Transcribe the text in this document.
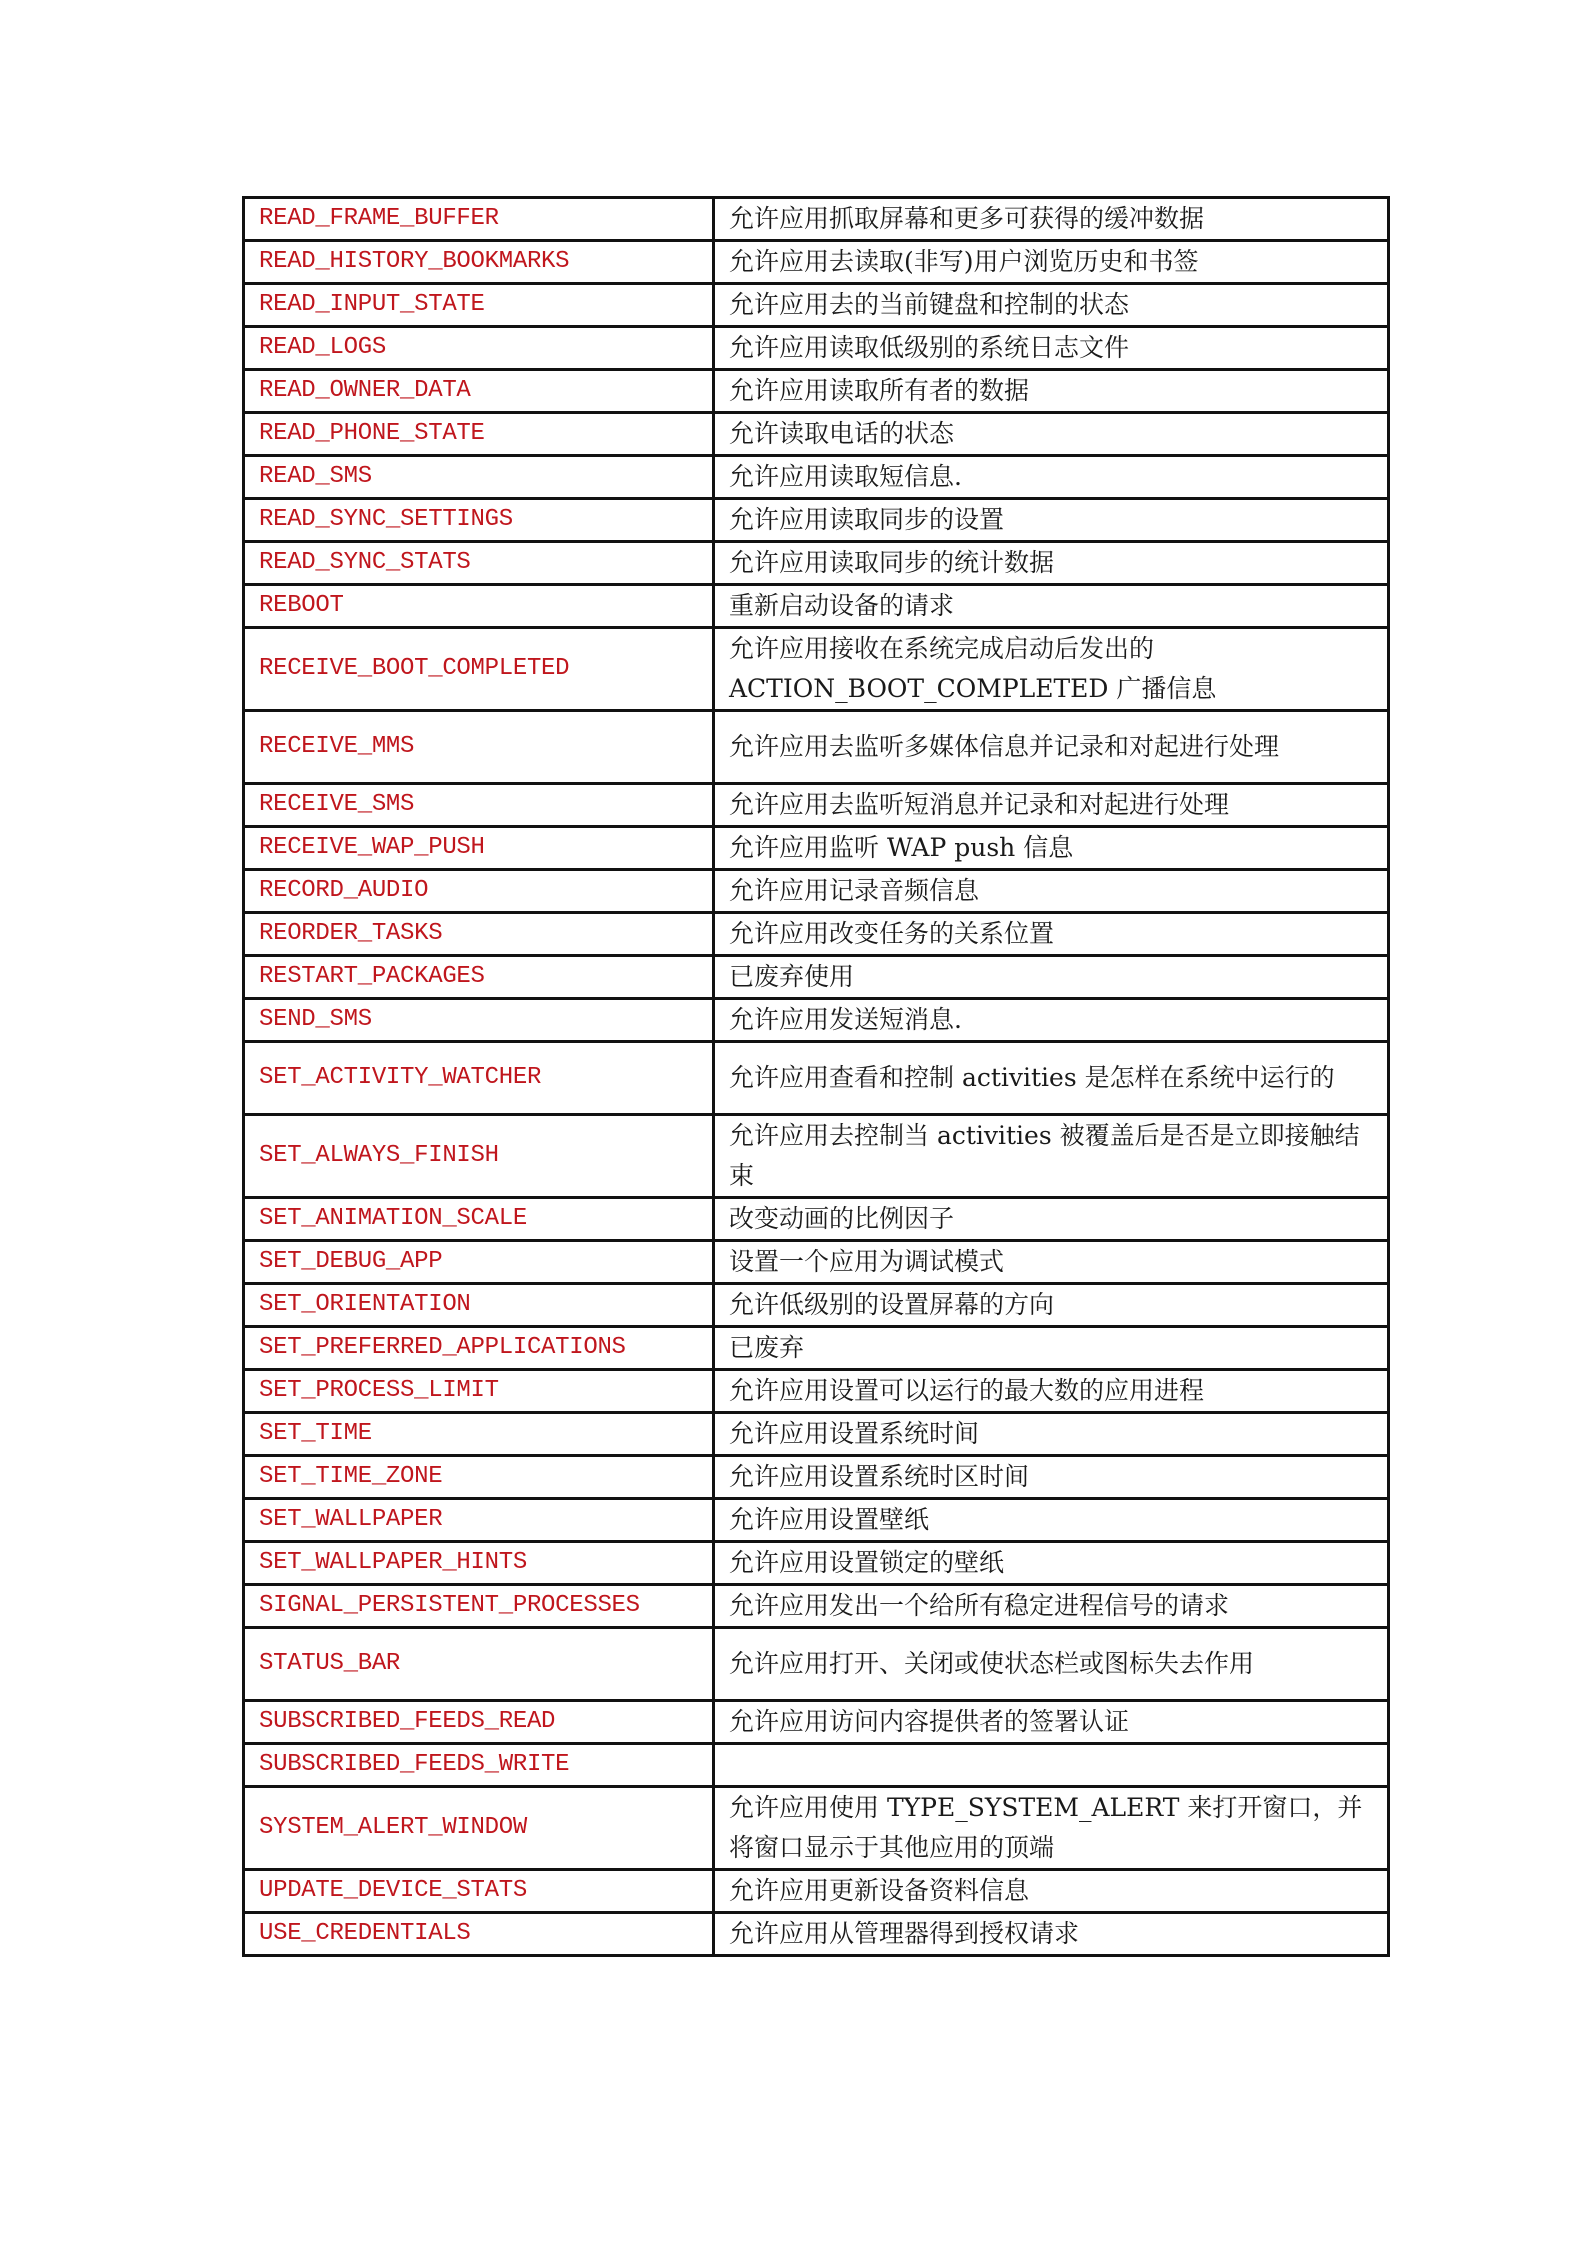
READ_FRAME_BUFFER	允许应用抓取屏幕和更多可获得的缓冲数据
READ_HISTORY_BOOKMARKS	允许应用去读取(非写)用户浏览历史和书签
READ_INPUT_STATE	允许应用去的当前键盘和控制的状态
READ_LOGS	允许应用读取低级别的系统日志文件
READ_OWNER_DATA	允许应用读取所有者的数据
READ_PHONE_STATE	允许读取电话的状态
READ_SMS	允许应用读取短信息.
READ_SYNC_SETTINGS	允许应用读取同步的设置
READ_SYNC_STATS	允许应用读取同步的统计数据
REBOOT	重新启动设备的请求
RECEIVE_BOOT_COMPLETED	允许应用接收在系统完成启动后发出的 ACTION_BOOT_COMPLETED 广播信息
RECEIVE_MMS	允许应用去监听多媒体信息并记录和对起进行处理
RECEIVE_SMS	允许应用去监听短消息并记录和对起进行处理
RECEIVE_WAP_PUSH	允许应用监听 WAP push 信息
RECORD_AUDIO	允许应用记录音频信息
REORDER_TASKS	允许应用改变任务的关系位置
RESTART_PACKAGES	已废弃使用
SEND_SMS	允许应用发送短消息.
SET_ACTIVITY_WATCHER	允许应用查看和控制 activities 是怎样在系统中运行的
SET_ALWAYS_FINISH	允许应用去控制当 activities 被覆盖后是否是立即接触结束
SET_ANIMATION_SCALE	改变动画的比例因子
SET_DEBUG_APP	设置一个应用为调试模式
SET_ORIENTATION	允许低级别的设置屏幕的方向
SET_PREFERRED_APPLICATIONS	已废弃
SET_PROCESS_LIMIT	允许应用设置可以运行的最大数的应用进程
SET_TIME	允许应用设置系统时间
SET_TIME_ZONE	允许应用设置系统时区时间
SET_WALLPAPER	允许应用设置壁纸
SET_WALLPAPER_HINTS	允许应用设置锁定的壁纸
SIGNAL_PERSISTENT_PROCESSES	允许应用发出一个给所有稳定进程信号的请求
STATUS_BAR	允许应用打开、关闭或使状态栏或图标失去作用
SUBSCRIBED_FEEDS_READ	允许应用访问内容提供者的签署认证
SUBSCRIBED_FEEDS_WRITE	
SYSTEM_ALERT_WINDOW	允许应用使用 TYPE_SYSTEM_ALERT 来打开窗口，并将窗口显示于其他应用的顶端
UPDATE_DEVICE_STATS	允许应用更新设备资料信息
USE_CREDENTIALS	允许应用从管理器得到授权请求
